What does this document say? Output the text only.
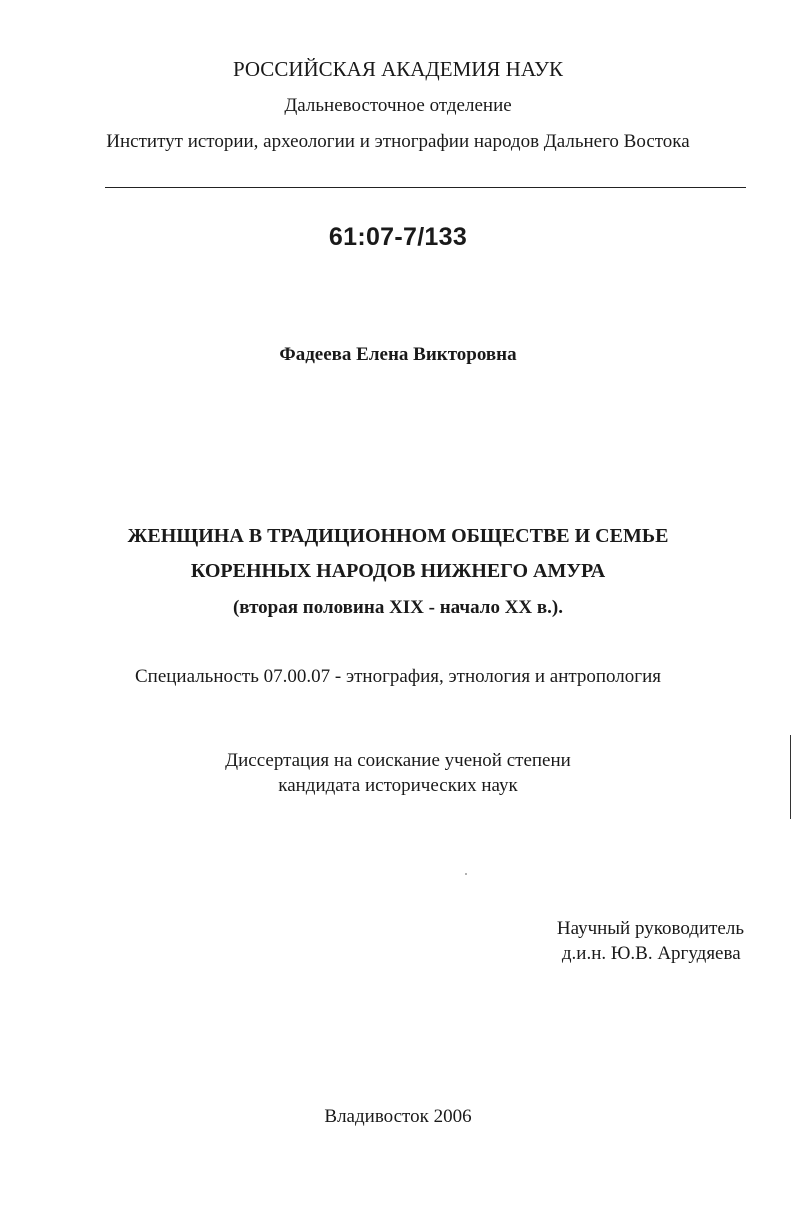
РОССИЙСКАЯ АКАДЕМИЯ НАУК
Дальневосточное отделение
Институт истории, археологии и этнографии народов Дальнего Востока
61:07-7/133
Фадеева Елена Викторовна
ЖЕНЩИНА В ТРАДИЦИОННОМ ОБЩЕСТВЕ И СЕМЬЕ
КОРЕННЫХ НАРОДОВ НИЖНЕГО АМУРА
(вторая половина XIX - начало XX в.).
Специальность 07.00.07 - этнография, этнология и антропология
Диссертация на соискание ученой степени
кандидата исторических наук
Научный руководитель
д.и.н. Ю.В. Аргудяева
Владивосток 2006
